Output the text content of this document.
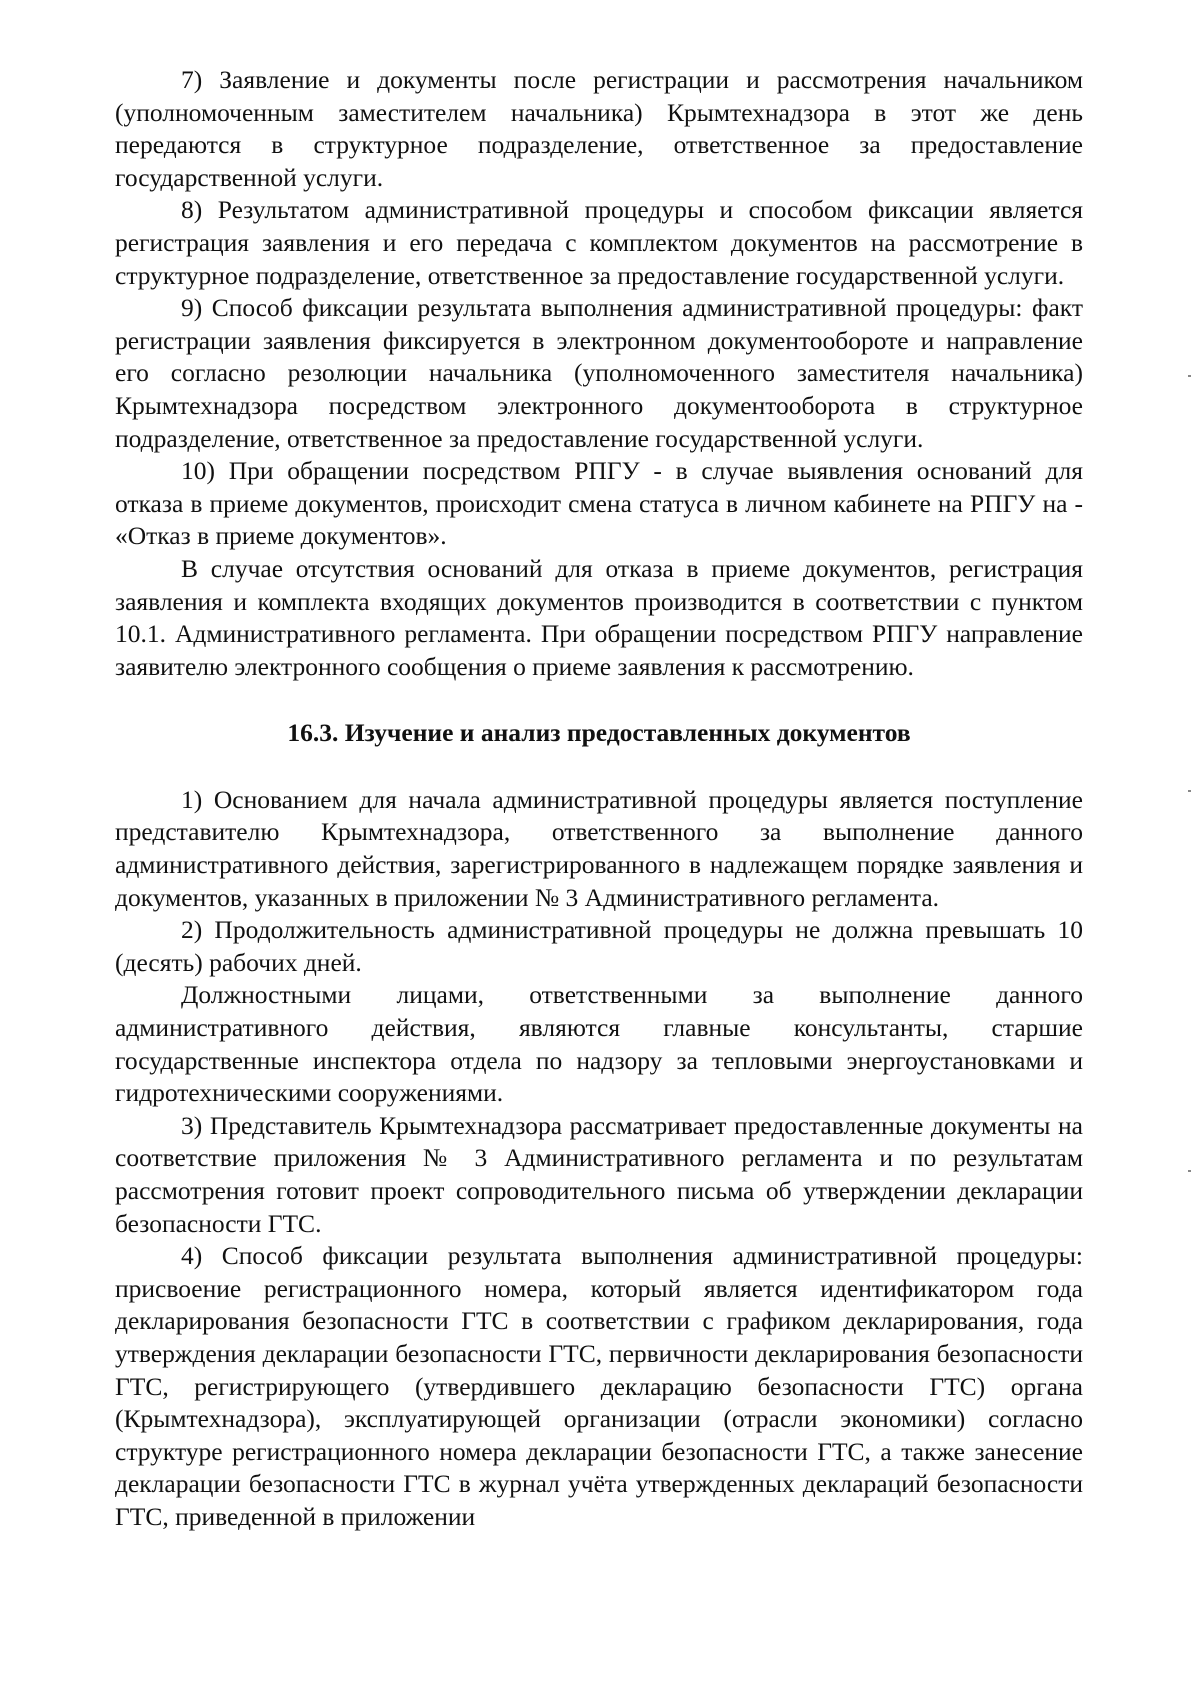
7) Заявление и документы после регистрации и рассмотрения начальником (уполномоченным заместителем начальника) Крымтехнадзора в этот же день передаются в структурное подразделение, ответственное за предоставление государственной услуги.

8) Результатом административной процедуры и способом фиксации является регистрация заявления и его передача с комплектом документов на рассмотрение в структурное подразделение, ответственное за предоставление государственной услуги.

9) Способ фиксации результата выполнения административной процедуры: факт регистрации заявления фиксируется в электронном документообороте и направление его согласно резолюции начальника (уполномоченного заместителя начальника) Крымтехнадзора посредством электронного документооборота в структурное подразделение, ответственное за предоставление государственной услуги.

10) При обращении посредством РПГУ - в случае выявления оснований для отказа в приеме документов, происходит смена статуса в личном кабинете на РПГУ на - «Отказ в приеме документов».

В случае отсутствия оснований для отказа в приеме документов, регистрация заявления и комплекта входящих документов производится в соответствии с пунктом 10.1. Административного регламента. При обращении посредством РПГУ направление заявителю электронного сообщения о приеме заявления к рассмотрению.

16.3. Изучение и анализ предоставленных документов

1) Основанием для начала административной процедуры является поступление представителю Крымтехнадзора, ответственного за выполнение данного административного действия, зарегистрированного в надлежащем порядке заявления и документов, указанных в приложении № 3 Административного регламента.

2) Продолжительность административной процедуры не должна превышать 10 (десять) рабочих дней.

Должностными лицами, ответственными за выполнение данного административного действия, являются главные консультанты, старшие государственные инспектора отдела по надзору за тепловыми энергоустановками и гидротехническими сооружениями.

3) Представитель Крымтехнадзора рассматривает предоставленные документы на соответствие приложения № 3 Административного регламента и по результатам рассмотрения готовит проект сопроводительного письма об утверждении декларации безопасности ГТС.

4) Способ фиксации результата выполнения административной процедуры: присвоение регистрационного номера, который является идентификатором года декларирования безопасности ГТС в соответствии с графиком декларирования, года утверждения декларации безопасности ГТС, первичности декларирования безопасности ГТС, регистрирующего (утвердившего декларацию безопасности ГТС) органа (Крымтехнадзора), эксплуатирующей организации (отрасли экономики) согласно структуре регистрационного номера декларации безопасности ГТС, а также занесение декларации безопасности ГТС в журнал учёта утвержденных деклараций безопасности ГТС, приведенной в приложении
